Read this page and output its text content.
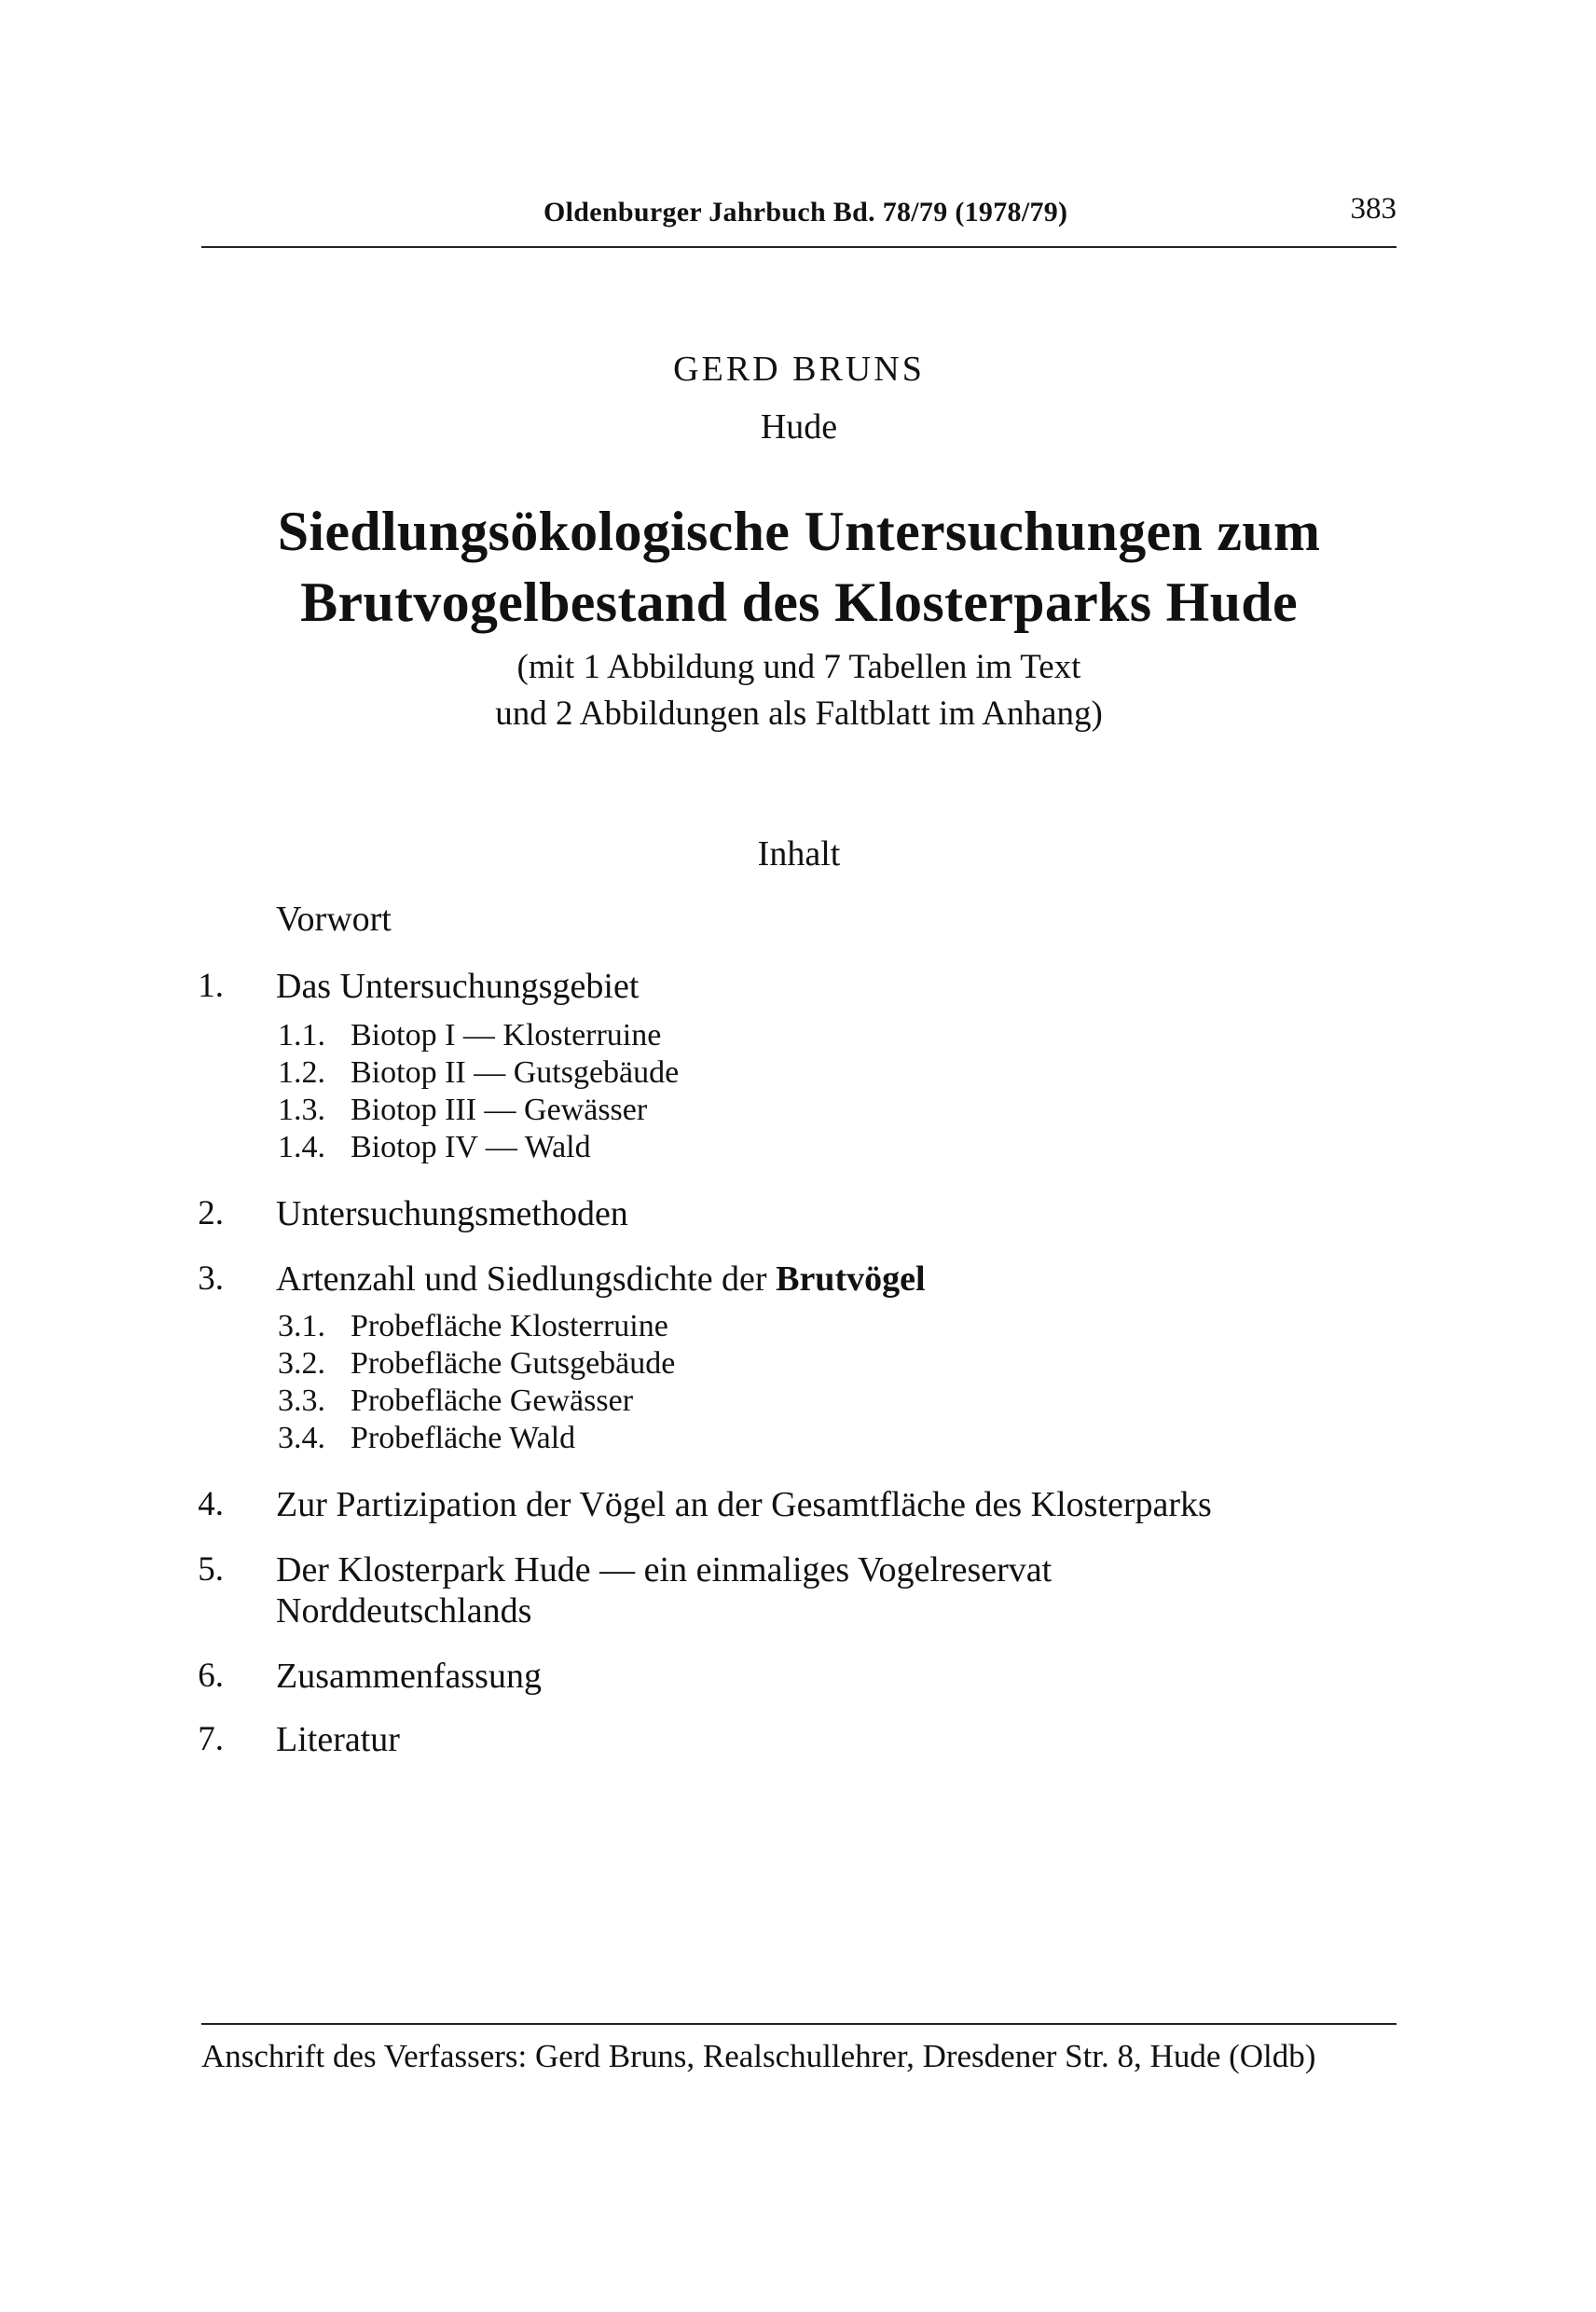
Oldenburger Jahrbuch Bd. 78/79 (1978/79)	383
GERD BRUNS
Hude
Siedlungsökologische Untersuchungen zum
Brutvogelbestand des Klosterparks Hude
(mit 1 Abbildung und 7 Tabellen im Text
und 2 Abbildungen als Faltblatt im Anhang)
Inhalt
Vorwort
1. Das Untersuchungsgebiet
1.1. Biotop I — Klosterruine
1.2. Biotop II — Gutsgebäude
1.3. Biotop III — Gewässer
1.4. Biotop IV — Wald
2. Untersuchungsmethoden
3. Artenzahl und Siedlungsdichte der Brutvögel
3.1. Probefläche Klosterruine
3.2. Probefläche Gutsgebäude
3.3. Probefläche Gewässer
3.4. Probefläche Wald
4. Zur Partizipation der Vögel an der Gesamtfläche des Klosterparks
5. Der Klosterpark Hude — ein einmaliges Vogelreservat
Norddeutschlands
6. Zusammenfassung
7. Literatur
Anschrift des Verfassers: Gerd Bruns, Realschullehrer, Dresdener Str. 8, Hude (Oldb)
